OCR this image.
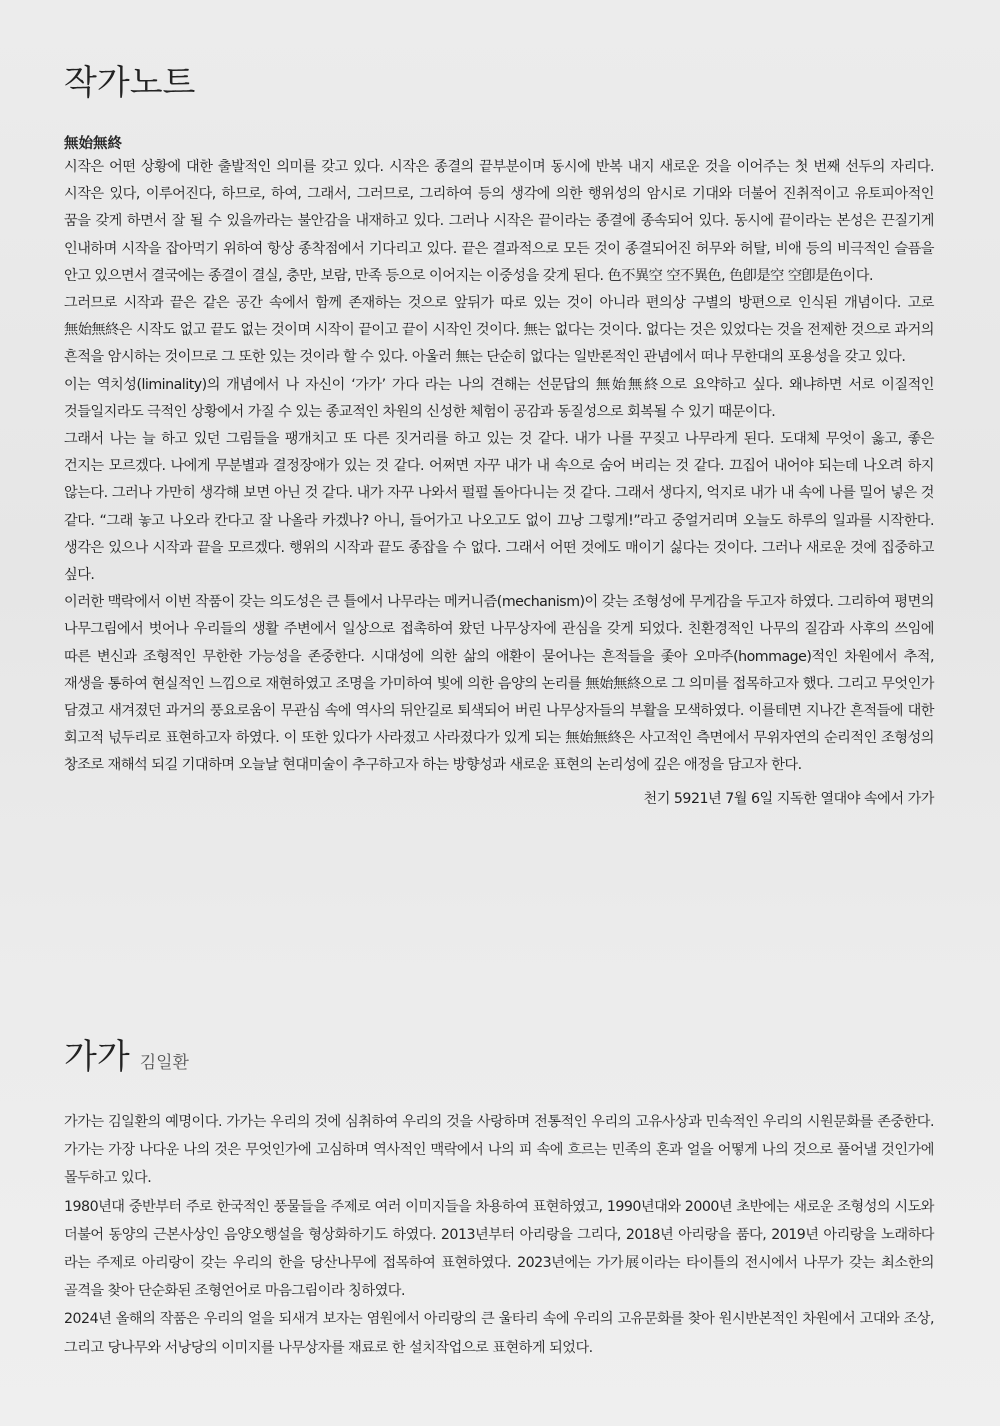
작가노트
無始無終

시작은 어떤 상황에 대한 출발적인 의미를 갖고 있다. 시작은 종결의 끝부분이며 동시에 반복 내지 새로운 것을 이어주는 첫 번째 선두의 자리다. 시작은 있다, 이루어진다, 하므로, 하여, 그래서, 그러므로, 그리하여 등의 생각에 의한 행위성의 암시로 기대와 더불어 진취적이고 유토피아적인 꿈을 갖게 하면서 잘 될 수 있을까라는 불안감을 내재하고 있다. 그러나 시작은 끝이라는 종결에 종속되어 있다. 동시에 끝이라는 본성은 끈질기게 인내하며 시작을 잡아먹기 위하여 항상 종착점에서 기다리고 있다. 끝은 결과적으로 모든 것이 종결되어진 허무와 허탈, 비애 등의 비극적인 슬픔을 안고 있으면서 결국에는 종결이 결실, 충만, 보람, 만족 등으로 이어지는 이중성을 갖게 된다. 色不異空 空不異色, 色卽是空 空卽是色이다.

그러므로 시작과 끝은 같은 공간 속에서 함께 존재하는 것으로 앞뒤가 따로 있는 것이 아니라 편의상 구별의 방편으로 인식된 개념이다. 고로 無始無終은 시작도 없고 끝도 없는 것이며 시작이 끝이고 끝이 시작인 것이다. 無는 없다는 것이다. 없다는 것은 있었다는 것을 전제한 것으로 과거의 흔적을 암시하는 것이므로 그 또한 있는 것이라 할 수 있다. 아울러 無는 단순히 없다는 일반론적인 관념에서 떠나 무한대의 포용성을 갖고 있다.

이는 역치성(liminality)의 개념에서 나 자신이 ‘가가’ 가다 라는 나의 견해는 선문답의 無始無終으로 요약하고 싶다. 왜냐하면 서로 이질적인 것들일지라도 극적인 상황에서 가질 수 있는 종교적인 차원의 신성한 체험이 공감과 동질성으로 회복될 수 있기 때문이다.

그래서 나는 늘 하고 있던 그림들을 팽개치고 또 다른 짓거리를 하고 있는 것 같다. 내가 나를 꾸짖고 나무라게 된다. 도대체 무엇이 옳고, 좋은 건지는 모르겠다. 나에게 무분별과 결정장애가 있는 것 같다. 어쩌면 자꾸 내가 내 속으로 숨어 버리는 것 같다. 끄집어 내어야 되는데 나오려 하지 않는다. 그러나 가만히 생각해 보면 아닌 것 같다. 내가 자꾸 나와서 펄펄 돌아다니는 것 같다. 그래서 생다지, 억지로 내가 내 속에 나를 밀어 넣은 것 같다. “그래 놓고 나오라 칸다고 잘 나올라 카겠나? 아니, 들어가고 나오고도 없이 끄낭 그렇게!”라고 중얼거리며 오늘도 하루의 일과를 시작한다. 생각은 있으나 시작과 끝을 모르겠다. 행위의 시작과 끝도 종잡을 수 없다. 그래서 어떤 것에도 매이기 싫다는 것이다. 그러나 새로운 것에 집중하고 싶다.

이러한 맥락에서 이번 작품이 갖는 의도성은 큰 틀에서 나무라는 메커니즘(mechanism)이 갖는 조형성에 무게감을 두고자 하였다. 그리하여 평면의 나무그림에서 벗어나 우리들의 생활 주변에서 일상으로 접촉하여 왔던 나무상자에 관심을 갖게 되었다. 친환경적인 나무의 질감과 사후의 쓰임에 따른 변신과 조형적인 무한한 가능성을 존중한다. 시대성에 의한 삶의 애환이 묻어나는 흔적들을 좇아 오마주(hommage)적인 차원에서 추적, 재생을 통하여 현실적인 느낌으로 재현하였고 조명을 가미하여 빛에 의한 음양의 논리를 無始無終으로 그 의미를 접목하고자 했다. 그리고 무엇인가 담겼고 새겨졌던 과거의 풍요로움이 무관심 속에 역사의 뒤안길로 퇴색되어 버린 나무상자들의 부활을 모색하였다. 이를테면 지나간 흔적들에 대한 회고적 넋두리로 표현하고자 하였다. 이 또한 있다가 사라졌고 사라졌다가 있게 되는 無始無終은 사고적인 측면에서 무위자연의 순리적인 조형성의 창조로 재해석 되길 기대하며 오늘날 현대미술이 추구하고자 하는 방향성과 새로운 표현의 논리성에 깊은 애정을 담고자 한다.

천기 5921년 7월 6일 지독한 열대야 속에서 가가
가가 김일환

가가는 김일환의 예명이다. 가가는 우리의 것에 심취하여 우리의 것을 사랑하며 전통적인 우리의 고유사상과 민속적인 우리의 시원문화를 존중한다. 가가는 가장 나다운 나의 것은 무엇인가에 고심하며 역사적인 맥락에서 나의 피 속에 흐르는 민족의 혼과 얼을 어떻게 나의 것으로 풀어낼 것인가에 몰두하고 있다.

1980년대 중반부터 주로 한국적인 풍물들을 주제로 여러 이미지들을 차용하여 표현하였고, 1990년대와 2000년 초반에는 새로운 조형성의 시도와 더불어 동양의 근본사상인 음양오행설을 형상화하기도 하였다. 2013년부터 아리랑을 그리다, 2018년 아리랑을 품다, 2019년 아리랑을 노래하다 라는 주제로 아리랑이 갖는 우리의 한을 당산나무에 접목하여 표현하였다. 2023년에는 가가展이라는 타이틀의 전시에서 나무가 갖는 최소한의 골격을 찾아 단순화된 조형언어로 마음그림이라 칭하였다.

2024년 올해의 작품은 우리의 얼을 되새겨 보자는 염원에서 아리랑의 큰 울타리 속에 우리의 고유문화를 찾아 원시반본적인 차원에서 고대와 조상, 그리고 당나무와 서낭당의 이미지를 나무상자를 재료로 한 설치작업으로 표현하게 되었다.
